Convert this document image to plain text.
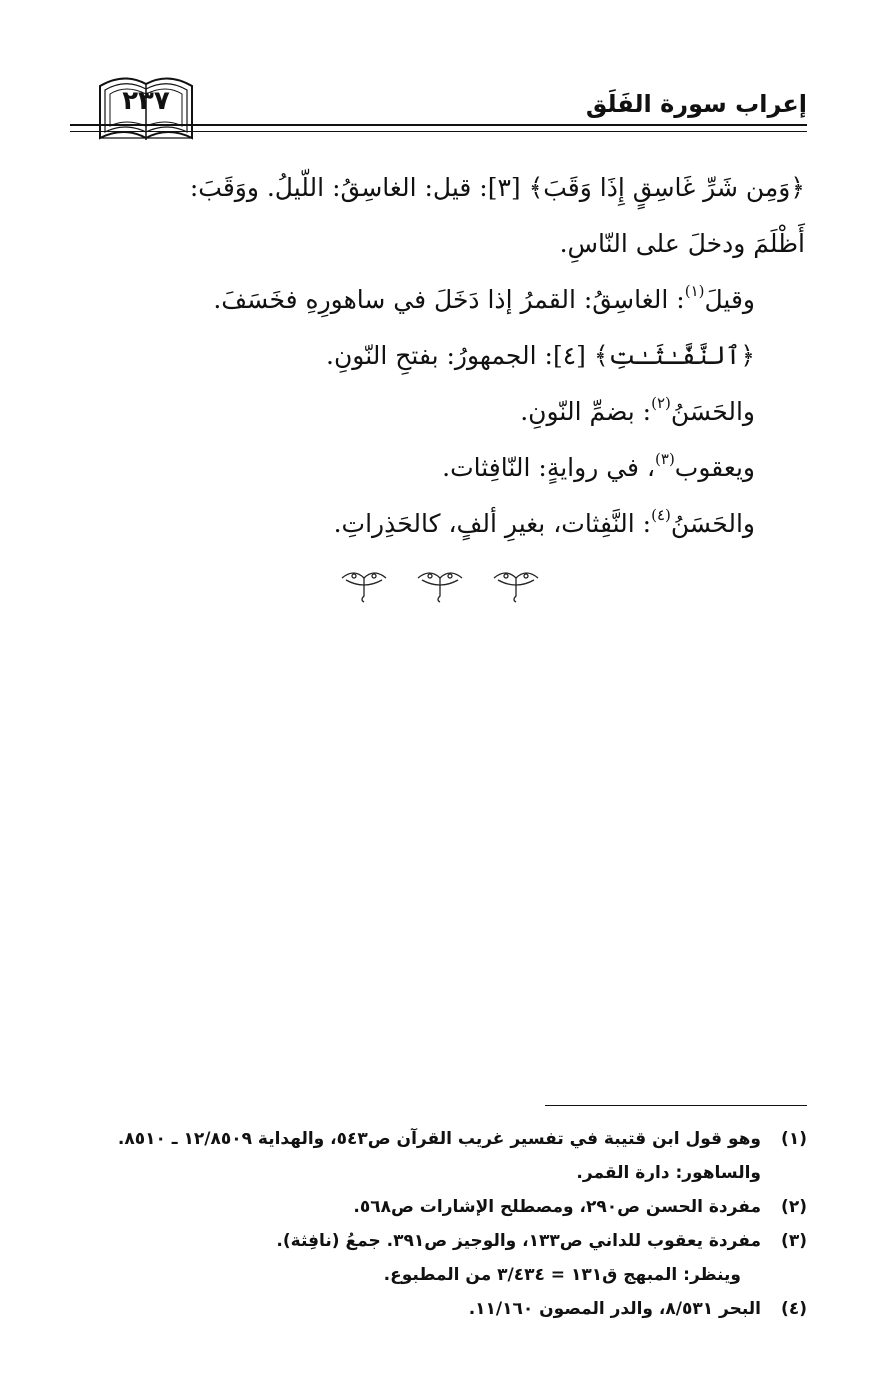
إعراب سورة الفَلَق
٢٣٧
﴿وَمِن شَرِّ غَاسِقٍ إِذَا وَقَبَ﴾ [٣]: قيل: الغاسِقُ: اللّيلُ. ووَقَبَ:
أَظْلَمَ ودخلَ على النّاسِ.
وقيلَ$^{(١)}$: الغاسِقُ: القمرُ إذا دَخَلَ في ساهورِهِ فخَسَفَ.
﴿ٱلنَّفَّـٰثَـٰتِ﴾ [٤]: الجمهورُ: بفتحِ النّونِ.
والحَسَنُ$^{(٢)}$: بضمِّ النّونِ.
ويعقوب$^{(٣)}$، في روايةٍ: النّافِثات.
والحَسَنُ$^{(٤)}$: النَّفِثات، بغيرِ ألفٍ، كالحَذِراتِ.
(١)
وهو قول ابن قتيبة في تفسير غريب القرآن ص٥٤٣، والهداية ١٢/٨٥٠٩ ـ ٨٥١٠.
والساهور: دارة القمر.
(٢)
مفردة الحسن ص٢٩٠، ومصطلح الإشارات ص٥٦٨.
(٣)
مفردة يعقوب للداني ص١٣٣، والوجيز ص٣٩١. جمعُ (نافِثة).
وينظر: المبهج ق١٣١ = ٣/٤٣٤ من المطبوع.
(٤)
البحر ٨/٥٣١، والدر المصون ١١/١٦٠.
